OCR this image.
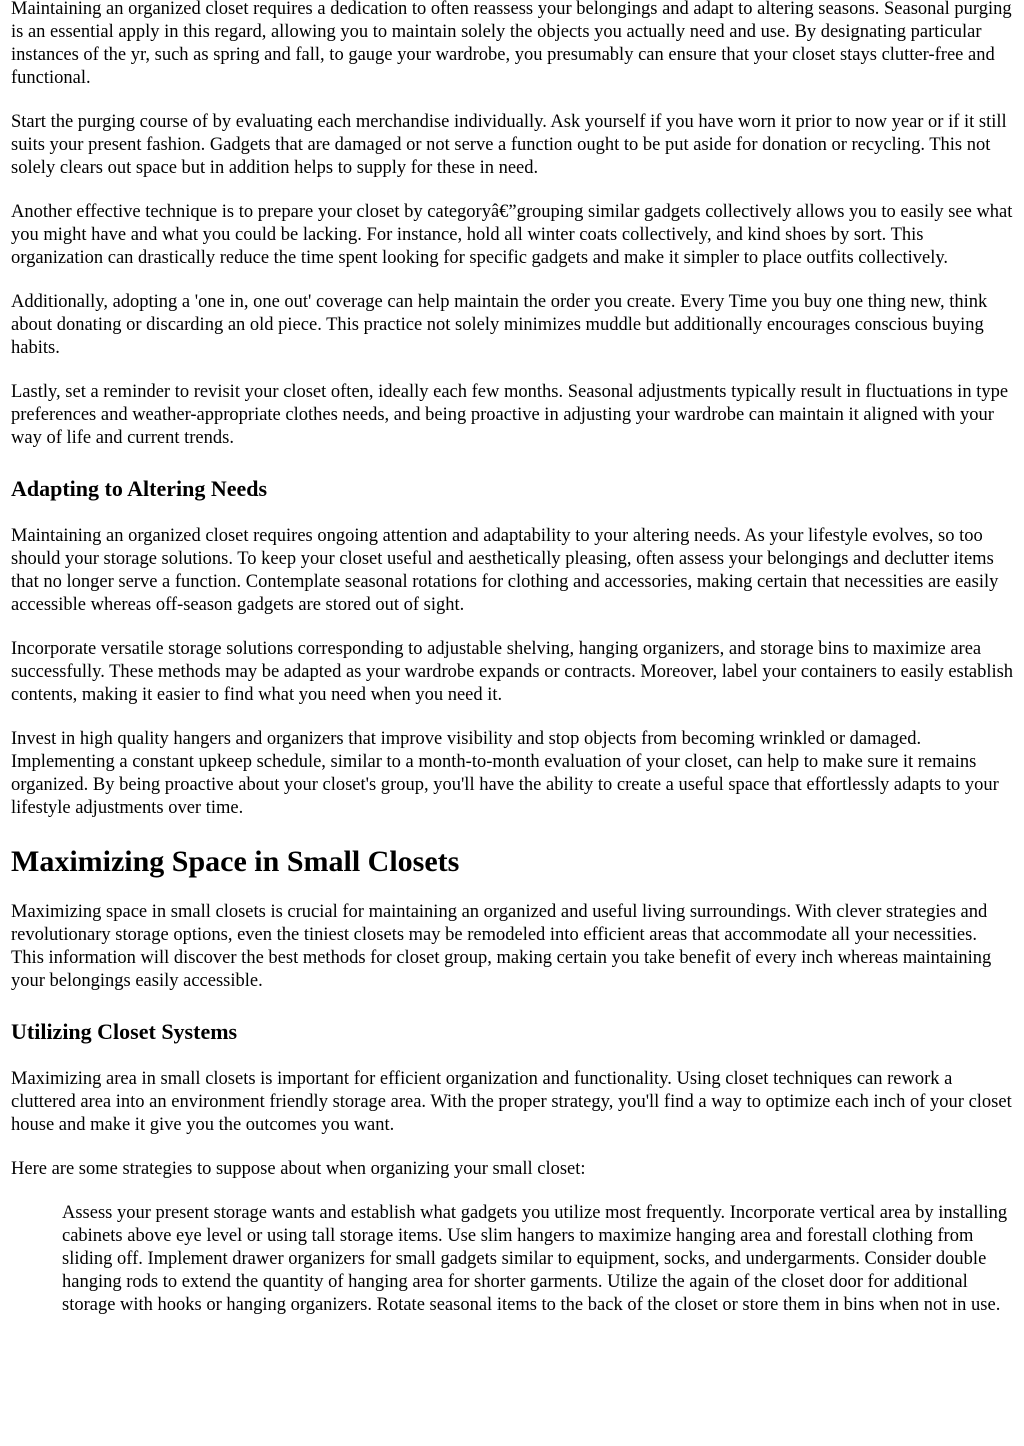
Maintaining an organized closet requires a dedication to often reassess your belongings and adapt to altering seasons. Seasonal purging is an essential apply in this regard, allowing you to maintain solely the objects you actually need and use. By designating particular instances of the yr, such as spring and fall, to gauge your wardrobe, you presumably can ensure that your closet stays clutter-free and functional.

Start the purging course of by evaluating each merchandise individually. Ask yourself if you have worn it prior to now year or if it still suits your present fashion. Gadgets that are damaged or not serve a function ought to be put aside for donation or recycling. This not solely clears out space but in addition helps to supply for these in need.

Another effective technique is to prepare your closet by categoryâ€”grouping similar gadgets collectively allows you to easily see what you might have and what you could be lacking. For instance, hold all winter coats collectively, and kind shoes by sort. This organization can drastically reduce the time spent looking for specific gadgets and make it simpler to place outfits collectively.

Additionally, adopting a 'one in, one out' coverage can help maintain the order you create. Every Time you buy one thing new, think about donating or discarding an old piece. This practice not solely minimizes muddle but additionally encourages conscious buying habits.

Lastly, set a reminder to revisit your closet often, ideally each few months. Seasonal adjustments typically result in fluctuations in type preferences and weather-appropriate clothes needs, and being proactive in adjusting your wardrobe can maintain it aligned with your way of life and current trends.

Adapting to Altering Needs

Maintaining an organized closet requires ongoing attention and adaptability to your altering needs. As your lifestyle evolves, so too should your storage solutions. To keep your closet useful and aesthetically pleasing, often assess your belongings and declutter items that no longer serve a function. Contemplate seasonal rotations for clothing and accessories, making certain that necessities are easily accessible whereas off-season gadgets are stored out of sight.

Incorporate versatile storage solutions corresponding to adjustable shelving, hanging organizers, and storage bins to maximize area successfully. These methods may be adapted as your wardrobe expands or contracts. Moreover, label your containers to easily establish contents, making it easier to find what you need when you need it.

Invest in high quality hangers and organizers that improve visibility and stop objects from becoming wrinkled or damaged. Implementing a constant upkeep schedule, similar to a month-to-month evaluation of your closet, can help to make sure it remains organized. By being proactive about your closet's group, you'll have the ability to create a useful space that effortlessly adapts to your lifestyle adjustments over time.

Maximizing Space in Small Closets

Maximizing space in small closets is crucial for maintaining an organized and useful living surroundings. With clever strategies and revolutionary storage options, even the tiniest closets may be remodeled into efficient areas that accommodate all your necessities. This information will discover the best methods for closet group, making certain you take benefit of every inch whereas maintaining your belongings easily accessible.

Utilizing Closet Systems

Maximizing area in small closets is important for efficient organization and functionality. Using closet techniques can rework a cluttered area into an environment friendly storage area. With the proper strategy, you'll find a way to optimize each inch of your closet house and make it give you the outcomes you want.

Here are some strategies to suppose about when organizing your small closet:

Assess your present storage wants and establish what gadgets you utilize most frequently. Incorporate vertical area by installing cabinets above eye level or using tall storage items. Use slim hangers to maximize hanging area and forestall clothing from sliding off. Implement drawer organizers for small gadgets similar to equipment, socks, and undergarments. Consider double hanging rods to extend the quantity of hanging area for shorter garments. Utilize the again of the closet door for additional storage with hooks or hanging organizers. Rotate seasonal items to the back of the closet or store them in bins when not in use.
